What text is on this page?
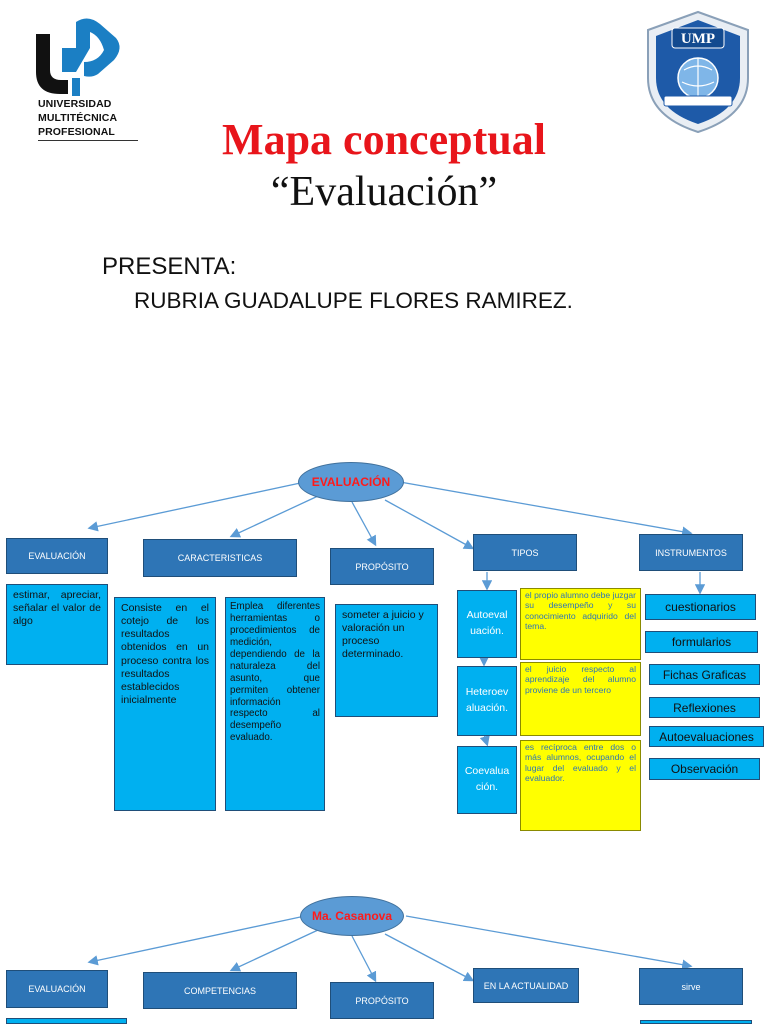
UNIVERSIDAD
MULTITÉCNICA
PROFESIONAL
UMP
Mapa conceptual
“Evaluación”
PRESENTA:
RUBRIA GUADALUPE FLORES RAMIREZ.
EVALUACIÓN
EVALUACIÓN
estimar, apreciar, señalar el valor de algo
CARACTERISTICAS
Consiste en el cotejo de los resultados obtenidos en un proceso contra los resultados establecidos inicialmente
Emplea diferentes herramientas o procedimientos de medición, dependiendo de la naturaleza del asunto, que permiten obtener información respecto al desempeño evaluado.
PROPÓSITO
someter a juicio y valoración un proceso determinado.
TIPOS
Autoeval uación.
el propio alumno debe juzgar su desempeño y su conocimiento adquirido del tema.
Heteroev aluación.
el juicio respecto al aprendizaje del alumno proviene de un tercero
Coevalua ción.
es recíproca entre dos o más alumnos, ocupando el lugar del evaluado y el evaluador.
INSTRUMENTOS
cuestionarios
formularios
Fichas Graficas
Reflexiones
Autoevaluaciones
Observación
Ma. Casanova
EVALUACIÓN	COMPETENCIAS
PROPÓSITO
EN LA ACTUALIDAD	sirve
